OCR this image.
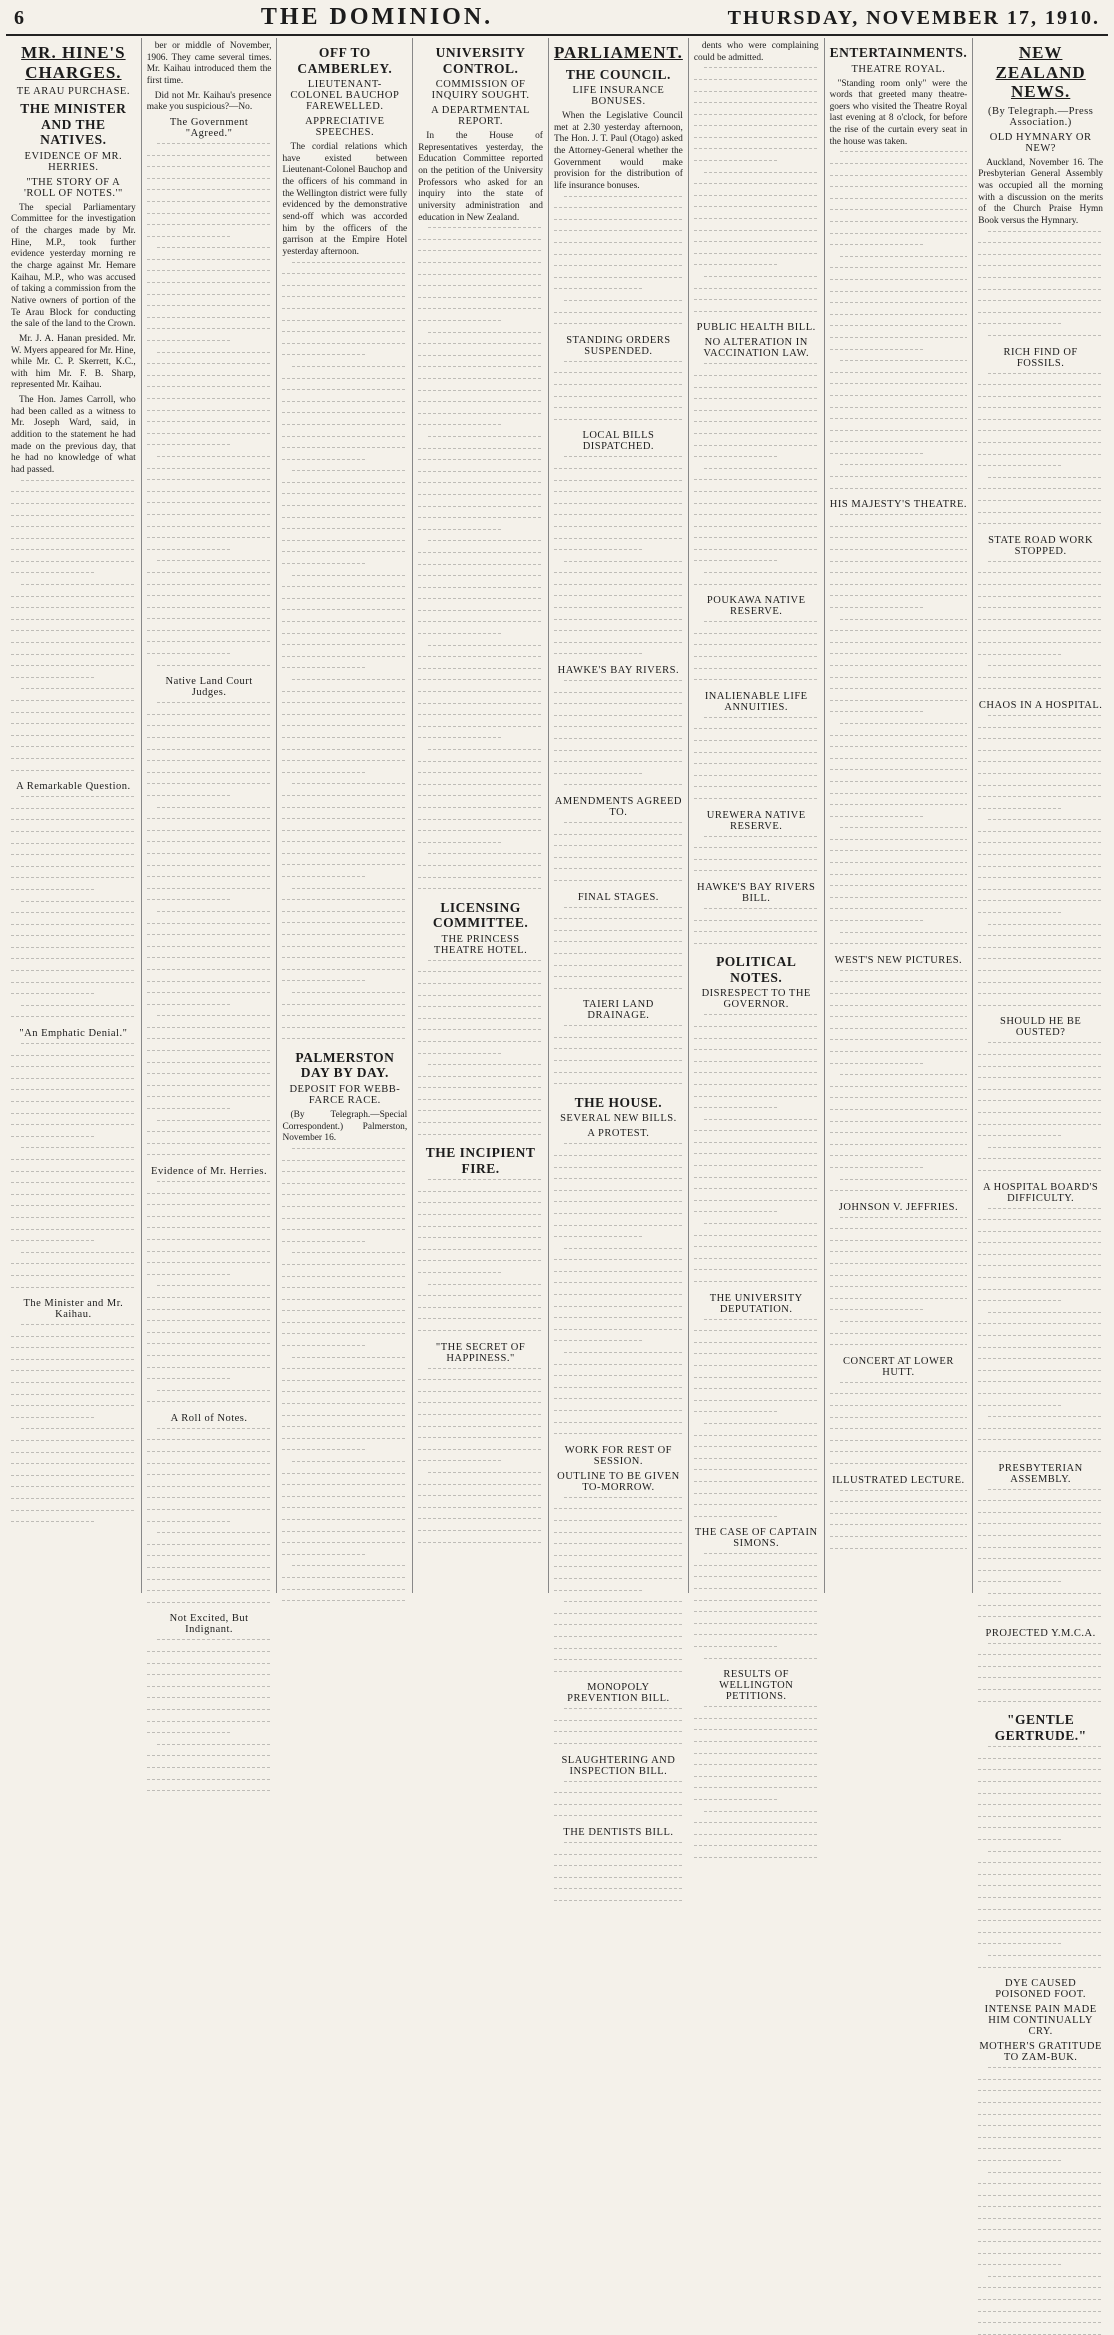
6	THE DOMINION.	THURSDAY, NOVEMBER 17, 1910.
MR. HINE'S CHARGES.
TE ARAU PURCHASE.
THE MINISTER AND THE NATIVES.
EVIDENCE OF MR. HERRIES.
"THE STORY OF A 'ROLL OF NOTES.'"

The special Parliamentary Committee for the investigation of the charges made by Mr. Hine, M.P., took further evidence yesterday morning re the charge against Mr. Hemare Kaihau, M.P., who was accused of taking a commission from the Native owners of portion of the Te Arau Block for conducting the sale of the land to the Crown.

Mr. J. A. Hanan presided. Mr. W. Myers appeared for Mr. Hine, while Mr. C. P. Skerrett, K.C., with him Mr. F. B. Sharp, represented Mr. Kaihau.

The Hon. James Carroll, who had been called as a witness to Mr. Joseph Ward, said, in addition to the statement he had made on the previous day, that he had no knowledge of what had passed.

A Remarkable Question.
"An Emphatic Denial."
The Minister and Mr. Kaihau.

ber or middle of November, 1906. They came several times. Mr. Kaihau introduced them the first time.

Did not Mr. Kaihau's presence make you suspicious?—No.

The Government "Agreed."
Native Land Court Judges.
Evidence of Mr. Herries.
A Roll of Notes.
Not Excited, But Indignant.
OFF TO CAMBERLEY.
LIEUTENANT-COLONEL BAUCHOP FAREWELLED.
APPRECIATIVE SPEECHES.

The cordial relations which have existed between Lieutenant-Colonel Bauchop and the officers of his command in the Wellington district were fully evidenced by the demonstrative send-off which was accorded him by the officers of the garrison at the Empire Hotel yesterday afternoon.

PALMERSTON DAY BY DAY.
DEPOSIT FOR WEBB-FARCE RACE.

(By Telegraph.—Special Correspondent.) Palmerston, November 16.

UNIVERSITY CONTROL.
COMMISSION OF INQUIRY SOUGHT.
A DEPARTMENTAL REPORT.

In the House of Representatives yesterday, the Education Committee reported on the petition of the University Professors who asked for an inquiry into the state of university administration and education in New Zealand.

LICENSING COMMITTEE.
THE PRINCESS THEATRE HOTEL.
THE INCIPIENT FIRE.
"THE SECRET OF HAPPINESS."
PARLIAMENT.
THE COUNCIL.
LIFE INSURANCE BONUSES.

When the Legislative Council met at 2.30 yesterday afternoon, The Hon. J. T. Paul (Otago) asked the Attorney-General whether the Government would make provision for the distribution of life insurance bonuses.

STANDING ORDERS SUSPENDED.
LOCAL BILLS DISPATCHED.
HAWKE'S BAY RIVERS.
AMENDMENTS AGREED TO.
FINAL STAGES.
TAIERI LAND DRAINAGE.
THE HOUSE.
SEVERAL NEW BILLS.
A PROTEST.
WORK FOR REST OF SESSION.
OUTLINE TO BE GIVEN TO-MORROW.
MONOPOLY PREVENTION BILL.
SLAUGHTERING AND INSPECTION BILL.
THE DENTISTS BILL.

dents who were complaining could be admitted.

PUBLIC HEALTH BILL.
NO ALTERATION IN VACCINATION LAW.
POUKAWA NATIVE RESERVE.
INALIENABLE LIFE ANNUITIES.
UREWERA NATIVE RESERVE.
HAWKE'S BAY RIVERS BILL.
POLITICAL NOTES.
DISRESPECT TO THE GOVERNOR.
THE UNIVERSITY DEPUTATION.
THE CASE OF CAPTAIN SIMONS.
RESULTS OF WELLINGTON PETITIONS.
ENTERTAINMENTS.
THEATRE ROYAL.

"Standing room only" were the words that greeted many theatre-goers who visited the Theatre Royal last evening at 8 o'clock, for before the rise of the curtain every seat in the house was taken.

HIS MAJESTY'S THEATRE.
WEST'S NEW PICTURES.
JOHNSON V. JEFFRIES.
CONCERT AT LOWER HUTT.
ILLUSTRATED LECTURE.
NEW ZEALAND NEWS.
(By Telegraph.—Press Association.)
OLD HYMNARY OR NEW?

Auckland, November 16. The Presbyterian General Assembly was occupied all the morning with a discussion on the merits of the Church Praise Hymn Book versus the Hymnary.

RICH FIND OF FOSSILS.
STATE ROAD WORK STOPPED.
CHAOS IN A HOSPITAL.
SHOULD HE BE OUSTED?
A HOSPITAL BOARD'S DIFFICULTY.
PRESBYTERIAN ASSEMBLY.
PROJECTED Y.M.C.A.
"GENTLE GERTRUDE."
DYE CAUSED POISONED FOOT.
INTENSE PAIN MADE HIM CONTINUALLY CRY.
MOTHER'S GRATITUDE TO ZAM-BUK.
